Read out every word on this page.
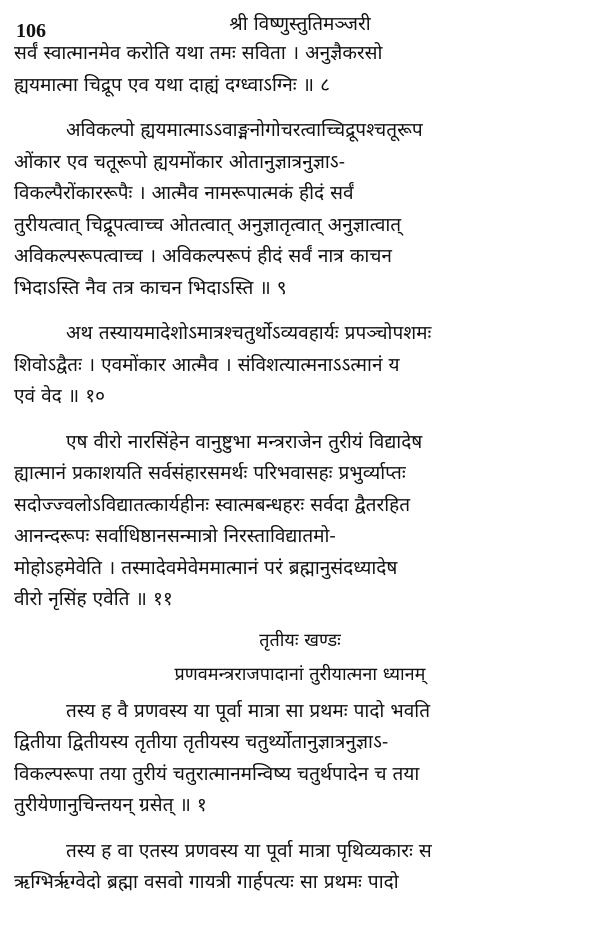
106	श्री विष्णुस्तुतिमञ्जरी

सर्वं स्वात्मानमेव करोति यथा तमः सविता । अनुज्ञैकरसो
ह्ययमात्मा चिद्रूप एव यथा दाह्यं दग्ध्वाऽग्निः ॥ ८

अविकल्पो ह्ययमात्माऽऽवाङ्मनोगोचरत्वाच्चिद्रूपश्चतूरूप
ओंकार एव चतूरूपो ह्ययमोंकार ओतानुज्ञात्रनुज्ञाऽ-
विकल्पैरोंकाररूपैः । आत्मैव नामरूपात्मकं हीदं सर्वं
तुरीयत्वात् चिद्रूपत्वाच्च ओतत्वात् अनुज्ञातृत्वात् अनुज्ञात्वात्
अविकल्परूपत्वाच्च । अविकल्परूपं हीदं सर्वं नात्र काचन
भिदाऽस्ति नैव तत्र काचन भिदाऽस्ति ॥ ९

अथ तस्यायमादेशोऽमात्रश्चतुर्थोऽव्यवहार्यः प्रपञ्चोपशमः
शिवोऽद्वैतः । एवमोंकार आत्मैव । संविशत्यात्मनाऽऽत्मानं य
एवं वेद ॥ १०

एष वीरो नारसिंहेन वानुष्टुभा मन्त्रराजेन तुरीयं विद्यादेष
ह्यात्मानं प्रकाशयति सर्वसंहारसमर्थः परिभवासहः प्रभुर्व्याप्तः
सदोज्ज्वलोऽविद्यातत्कार्यहीनः स्वात्मबन्धहरः सर्वदा द्वैतरहित
आनन्दरूपः सर्वाधिष्ठानसन्मात्रो निरस्ताविद्यातमो-
मोहोऽहमेवेति । तस्मादेवमेवेममात्मानं परं ब्रह्मानुसंदध्यादेष
वीरो नृसिंह एवेति ॥ ११

तृतीयः खण्डः

प्रणवमन्त्रराजपादानां तुरीयात्मना ध्यानम्

तस्य ह वै प्रणवस्य या पूर्वा मात्रा सा प्रथमः पादो भवति
द्वितीया द्वितीयस्य तृतीया तृतीयस्य चतुर्थ्योतानुज्ञात्रनुज्ञाऽ-
विकल्परूपा तया तुरीयं चतुरात्मानमन्विष्य चतुर्थपादेन च तया
तुरीयेणानुचिन्तयन् ग्रसेत् ॥ १

तस्य ह वा एतस्य प्रणवस्य या पूर्वा मात्रा पृथिव्यकारः स
ऋग्भिर्ऋग्वेदो ब्रह्मा वसवो गायत्री गार्हपत्यः सा प्रथमः पादो
